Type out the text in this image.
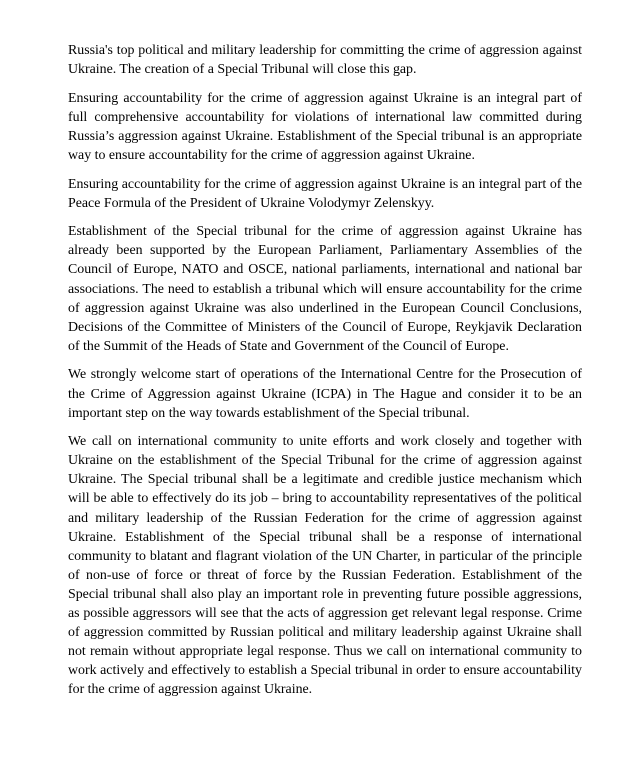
Russia's top political and military leadership for committing the crime of aggression against Ukraine. The creation of a Special Tribunal will close this gap.

Ensuring accountability for the crime of aggression against Ukraine is an integral part of full comprehensive accountability for violations of international law committed during Russia’s aggression against Ukraine. Establishment of the Special tribunal is an appropriate way to ensure accountability for the crime of aggression against Ukraine.

Ensuring accountability for the crime of aggression against Ukraine is an integral part of the Peace Formula of the President of Ukraine Volodymyr Zelenskyy.

Establishment of the Special tribunal for the crime of aggression against Ukraine has already been supported by the European Parliament, Parliamentary Assemblies of the Council of Europe, NATO and OSCE, national parliaments, international and national bar associations. The need to establish a tribunal which will ensure accountability for the crime of aggression against Ukraine was also underlined in the European Council Conclusions, Decisions of the Committee of Ministers of the Council of Europe, Reykjavik Declaration of the Summit of the Heads of State and Government of the Council of Europe.

We strongly welcome start of operations of the International Centre for the Prosecution of the Crime of Aggression against Ukraine (ICPA) in The Hague and consider it to be an important step on the way towards establishment of the Special tribunal.

We call on international community to unite efforts and work closely and together with Ukraine on the establishment of the Special Tribunal for the crime of aggression against Ukraine. The Special tribunal shall be a legitimate and credible justice mechanism which will be able to effectively do its job – bring to accountability representatives of the political and military leadership of the Russian Federation for the crime of aggression against Ukraine. Establishment of the Special tribunal shall be a response of international community to blatant and flagrant violation of the UN Charter, in particular of the principle of non-use of force or threat of force by the Russian Federation. Establishment of the Special tribunal shall also play an important role in preventing future possible aggressions, as possible aggressors will see that the acts of aggression get relevant legal response. Crime of aggression committed by Russian political and military leadership against Ukraine shall not remain without appropriate legal response. Thus we call on international community to work actively and effectively to establish a Special tribunal in order to ensure accountability for the crime of aggression against Ukraine.
